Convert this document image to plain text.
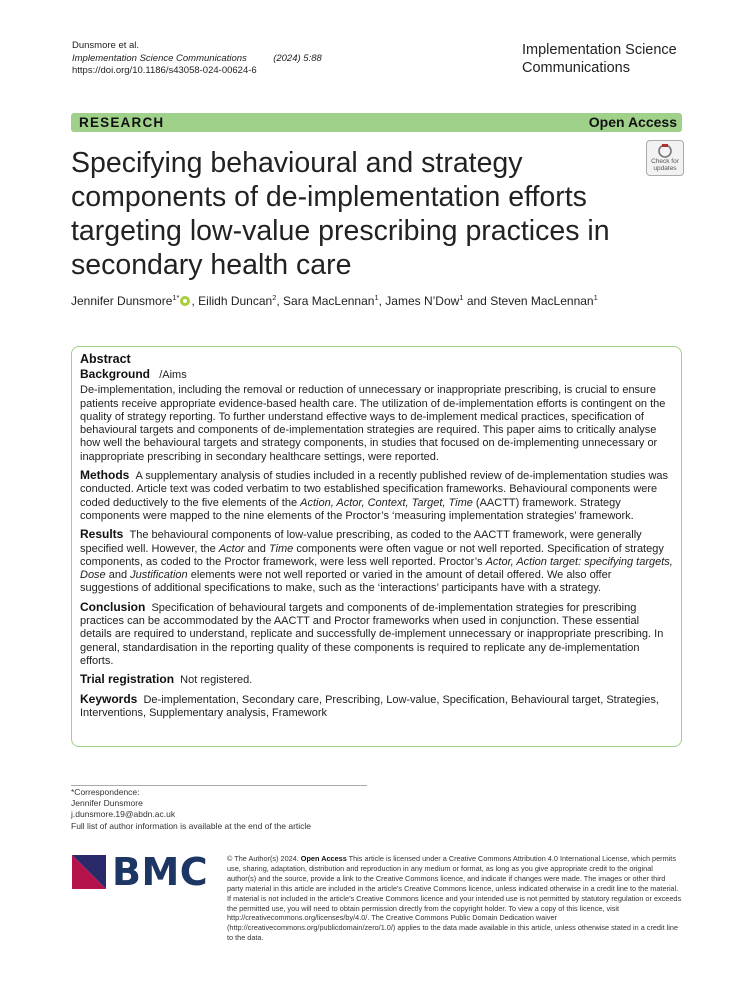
Dunsmore et al.
Implementation Science Communications	(2024) 5:88
https://doi.org/10.1186/s43058-024-00624-6
Implementation Science Communications
RESEARCH	Open Access
Specifying behavioural and strategy components of de-implementation efforts targeting low-value prescribing practices in secondary health care
Check for
updates
Jennifer Dunsmore$^{1*}$ , Eilidh Duncan$^2$, Sara MacLennan$^1$, James N’Dow$^1$ and Steven MacLennan$^1$
Abstract
Background /Aims
De-implementation, including the removal or reduction of unnecessary or inappropriate prescribing, is crucial to ensure patients receive appropriate evidence-based health care. The utilization of de-implementation efforts is contingent on the quality of strategy reporting. To further understand effective ways to de-implement medical practices, specification of behavioural targets and components of de-implementation strategies are required. This paper aims to critically analyse how well the behavioural targets and strategy components, in studies that focused on de-implementing unnecessary or inappropriate prescribing in secondary healthcare settings, were reported.
Methods A supplementary analysis of studies included in a recently published review of de-implementation studies was conducted. Article text was coded verbatim to two established specification frameworks. Behavioural components were coded deductively to the five elements of the Action, Actor, Context, Target, Time (AACTT) framework. Strategy components were mapped to the nine elements of the Proctor’s ‘measuring implementation strategies’ framework.
Results The behavioural components of low-value prescribing, as coded to the AACTT framework, were generally specified well. However, the Actor and Time components were often vague or not well reported. Specification of strategy components, as coded to the Proctor framework, were less well reported. Proctor’s Actor, Action target: specifying targets, Dose and Justification elements were not well reported or varied in the amount of detail offered. We also offer suggestions of additional specifications to make, such as the ‘interactions’ participants have with a strategy.
Conclusion Specification of behavioural targets and components of de-implementation strategies for prescribing practices can be accommodated by the AACTT and Proctor frameworks when used in conjunction. These essential details are required to understand, replicate and successfully de-implement unnecessary or inappropriate prescribing. In general, standardisation in the reporting quality of these components is required to replicate any de-implementation efforts.
Trial registration Not registered.
Keywords De-implementation, Secondary care, Prescribing, Low-value, Specification, Behavioural target, Strategies, Interventions, Supplementary analysis, Framework
*Correspondence:
Jennifer Dunsmore
j.dunsmore.19@abdn.ac.uk
Full list of author information is available at the end of the article
BMC	© The Author(s) 2024. Open Access This article is licensed under a Creative Commons Attribution 4.0 International License, which permits use, sharing, adaptation, distribution and reproduction in any medium or format, as long as you give appropriate credit to the original author(s) and the source, provide a link to the Creative Commons licence, and indicate if changes were made. The images or other third party material in this article are included in the article’s Creative Commons licence, unless indicated otherwise in a credit line to the material. If material is not included in the article’s Creative Commons licence and your intended use is not permitted by statutory regulation or exceeds the permitted use, you will need to obtain permission directly from the copyright holder. To view a copy of this licence, visit http://creativecommons.org/licenses/by/4.0/. The Creative Commons Public Domain Dedication waiver (http://creativecommons.org/publicdomain/zero/1.0/) applies to the data made available in this article, unless otherwise stated in a credit line to the data.
